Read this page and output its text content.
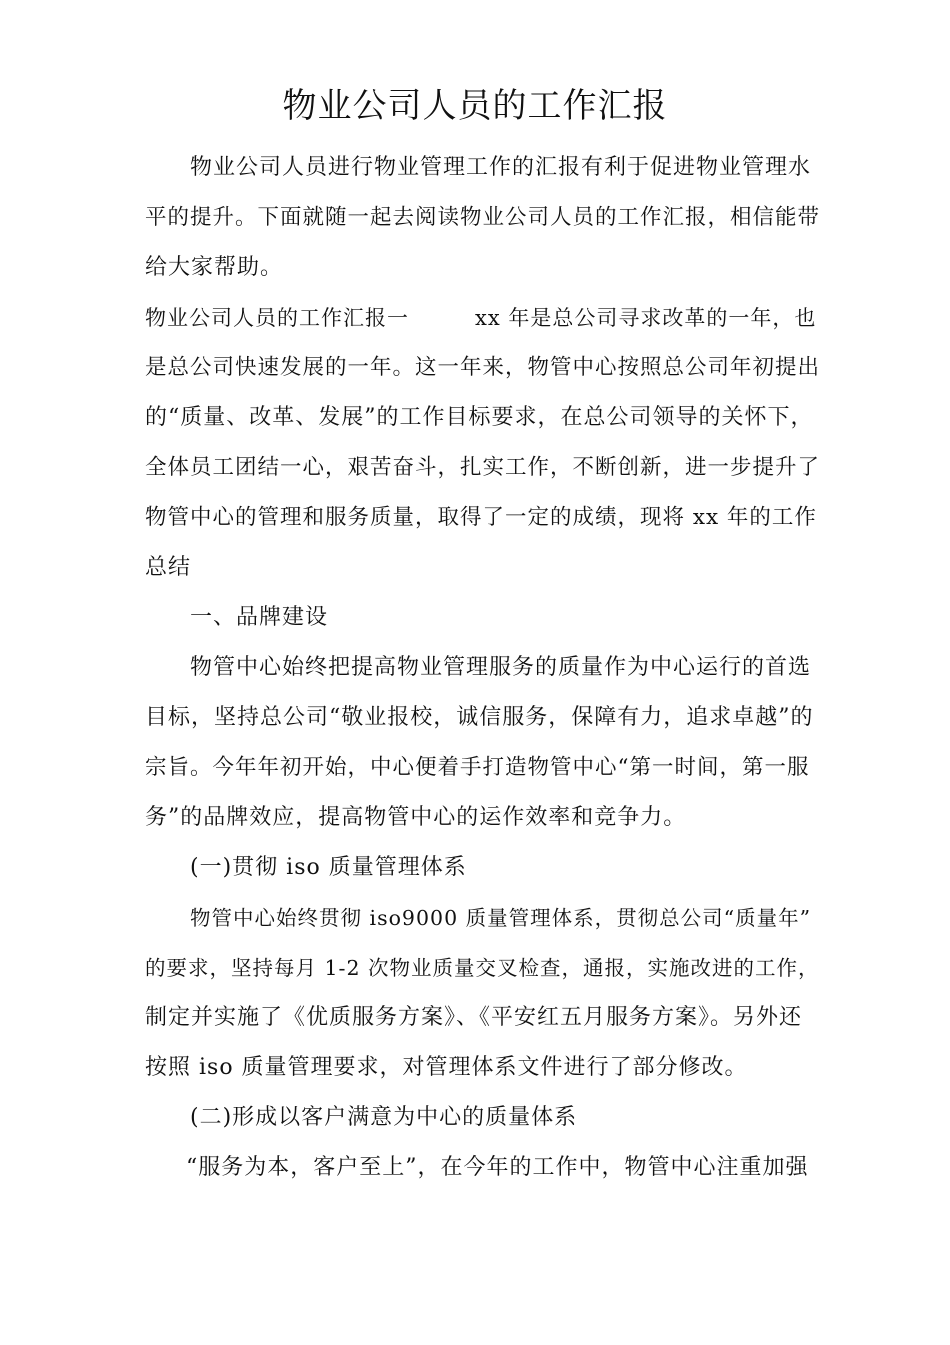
物业公司人员的工作汇报
物业公司人员进行物业管理工作的汇报有利于促进物业管理水
平的提升。下面就随一起去阅读物业公司人员的工作汇报，相信能带
给大家帮助。
物业公司人员的工作汇报一　　　xx 年是总公司寻求改革的一年，也
是总公司快速发展的一年。这一年来，物管中心按照总公司年初提出
的“质量、改革、发展”的工作目标要求，在总公司领导的关怀下，
全体员工团结一心，艰苦奋斗，扎实工作，不断创新，进一步提升了
物管中心的管理和服务质量，取得了一定的成绩，现将 xx 年的工作
总结
一、品牌建设
物管中心始终把提高物业管理服务的质量作为中心运行的首选
目标，坚持总公司“敬业报校，诚信服务，保障有力，追求卓越”的
宗旨。今年年初开始，中心便着手打造物管中心“第一时间，第一服
务”的品牌效应，提高物管中心的运作效率和竞争力。
(一)贯彻 iso 质量管理体系
物管中心始终贯彻 iso9000 质量管理体系，贯彻总公司“质量年”
的要求，坚持每月 1-2 次物业质量交叉检查，通报，实施改进的工作，
制定并实施了《优质服务方案》、《平安红五月服务方案》。另外还
按照 iso 质量管理要求，对管理体系文件进行了部分修改。
(二)形成以客户满意为中心的质量体系
“服务为本，客户至上”，在今年的工作中，物管中心注重加强
